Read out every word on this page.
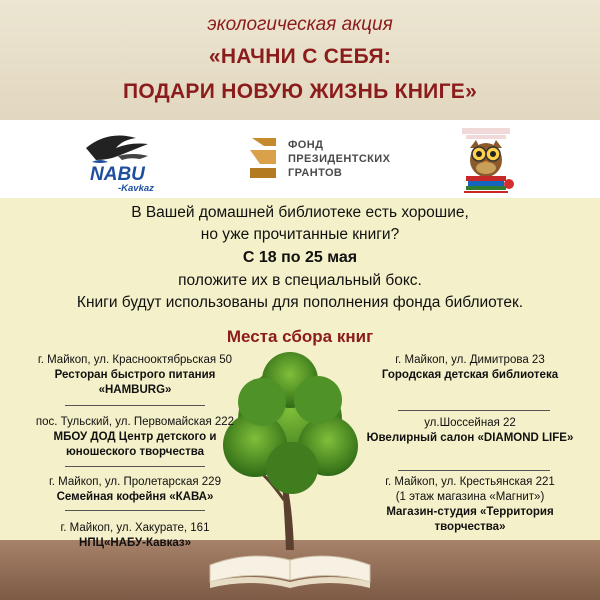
экологическая акция
«НАЧНИ С СЕБЯ:
ПОДАРИ НОВУЮ ЖИЗНЬ КНИГЕ»
NABU
-Kavkaz
ФОНД
ПРЕЗИДЕНТСКИХ
ГРАНТОВ
В Вашей домашней библиотеке есть хорошие,
но уже прочитанные книги?
С 18 по 25 мая
положите их в специальный бокс.
Книги будут использованы для пополнения фонда библиотек.
Места сбора книг
г. Майкоп, ул. Краснооктябрьская 50
Ресторан быстрого питания
«HAMBURG»
пос. Тульский, ул. Первомайская 222
МБОУ ДОД Центр детского и
юношеского творчества
г. Майкоп, ул. Пролетарская 229
Семейная кофейня «КАВА»
г. Майкоп, ул. Хакурате, 161
НПЦ«НАБУ-Кавказ»
г. Майкоп, ул. Димитрова 23
Городская детская библиотека
ул.Шоссейная 22
Ювелирный салон «DIAMOND LIFE»
г. Майкоп, ул. Крестьянская 221
(1 этаж магазина «Магнит»)
Магазин-студия «Территория
творчества»
